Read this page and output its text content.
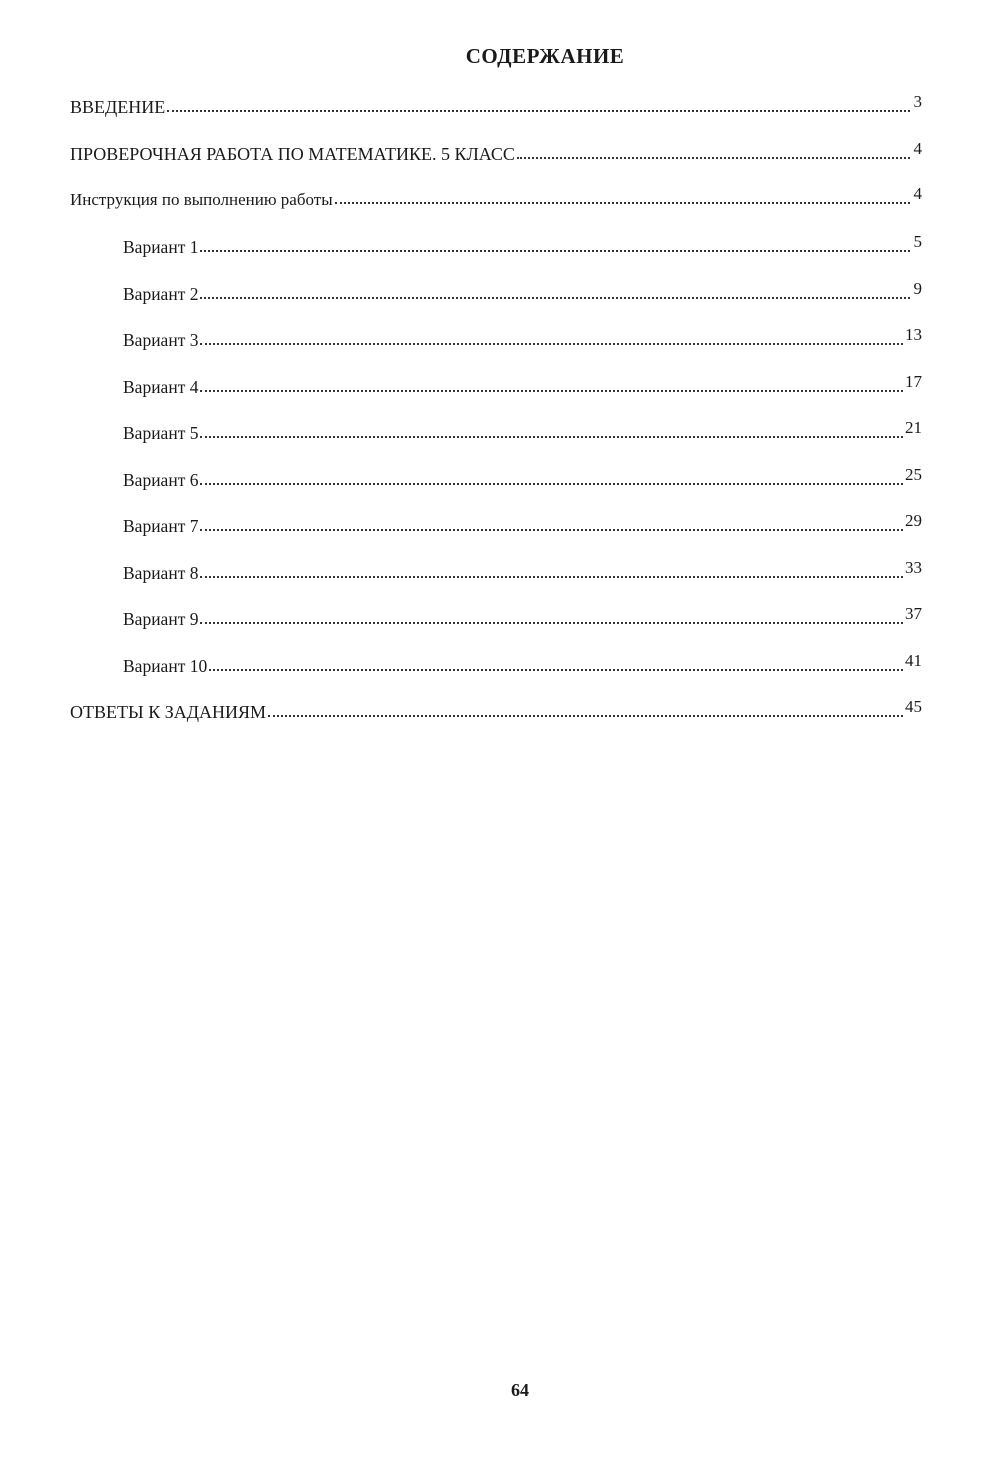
СОДЕРЖАНИЕ
ВВЕДЕНИЕ	3
ПРОВЕРОЧНАЯ РАБОТА ПО МАТЕМАТИКЕ. 5 КЛАСС	4
Инструкция по выполнению работы	4
Вариант 1	5
Вариант 2	9
Вариант 3	13
Вариант 4	17
Вариант 5	21
Вариант 6	25
Вариант 7	29
Вариант 8	33
Вариант 9	37
Вариант 10	41
ОТВЕТЫ К ЗАДАНИЯМ	45
64
